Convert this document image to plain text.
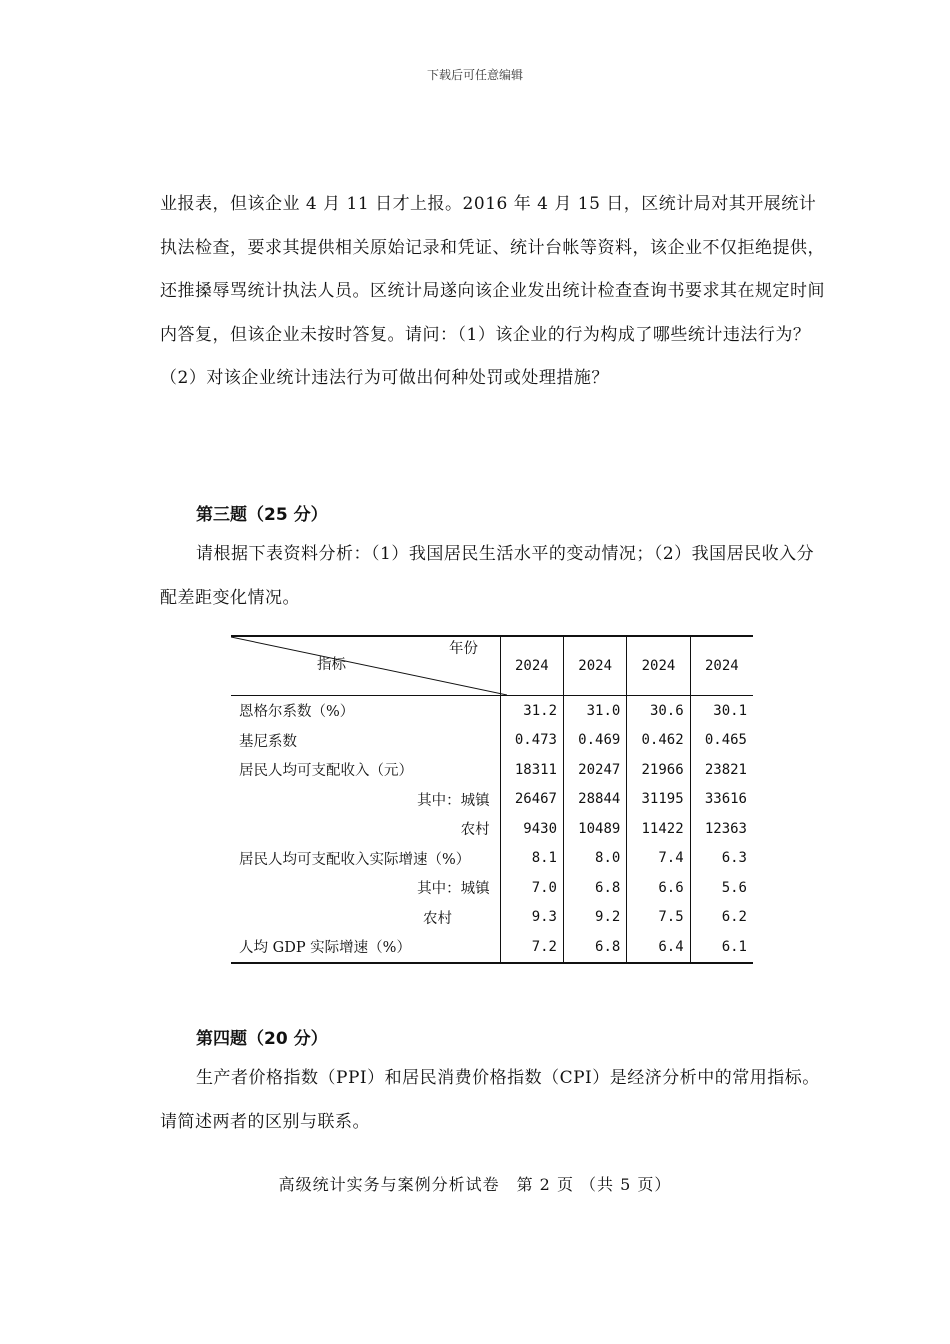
下载后可任意编辑

业报表，但该企业 4 月 11 日才上报。2016 年 4 月 15 日，区统计局对其开展统计执法检查，要求其提供相关原始记录和凭证、统计台帐等资料，该企业不仅拒绝提供，还推搡辱骂统计执法人员。区统计局遂向该企业发出统计检查查询书要求其在规定时间内答复，但该企业未按时答复。请问：（1）该企业的行为构成了哪些统计违法行为？（2）对该企业统计违法行为可做出何种处罚或处理措施？

第三题（25 分）

请根据下表资料分析：（1）我国居民生活水平的变动情况；（2）我国居民收入分配差距变化情况。

年份
指标	2024	2024	2024	2024
恩格尔系数（%）	31.2	31.0	30.6	30.1
基尼系数	0.473	0.469	0.462	0.465
居民人均可支配收入（元）	18311	20247	21966	23821
其中：城镇	26467	28844	31195	33616
农村	9430	10489	11422	12363
居民人均可支配收入实际增速（%）	8.1	8.0	7.4	6.3
其中：城镇	7.0	6.8	6.6	5.6
农村	9.3	9.2	7.5	6.2
人均 GDP 实际增速（%）	7.2	6.8	6.4	6.1
第四题（20 分）

生产者价格指数（PPI）和居民消费价格指数（CPI）是经济分析中的常用指标。请简述两者的区别与联系。

高级统计实务与案例分析试卷　第 2 页 （共 5 页）
